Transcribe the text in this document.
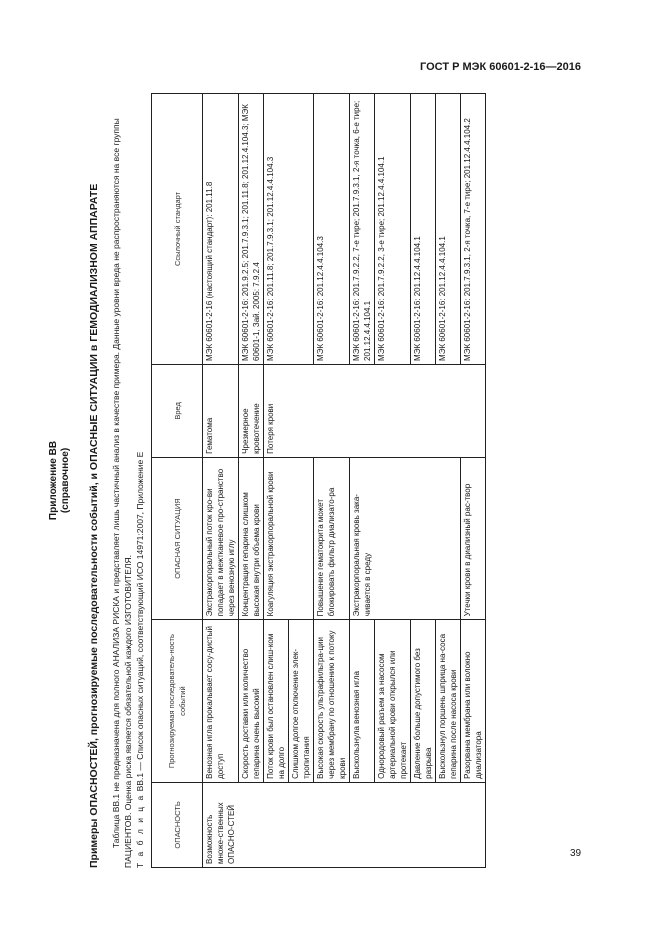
ГОСТ Р МЭК 60601-2-16—2016
Приложение ВВ (справочное) Примеры ОПАСНОСТЕЙ, прогнозируемые последовательности событий, и ОПАСНЫЕ СИТУАЦИИ в ГЕМОДИАЛИЗНОМ АППАРАТЕ Таблица ВВ.1 не предназначена для полного АНАЛИЗА РИСКА и представляет лишь частичный анализ в качестве примера. Данные уровни вреда не распространяются на все группы ПАЦИЕНТОВ. Оценка риска является обязательной каждого ИЗГОТОВИТЕЛЯ. Т а б л и ц а ВВ.1 — Список опасных ситуаций, соответствующий ИСО 14971:2007, Приложение Е
ОПАСНОСТЬ	Прогнозируемая последователь-ность событий	ОПАСНАЯ СИТУАЦИЯ	Вред	Ссылочный стандарт
Возможность множе-ственных ОПАСНО-СТЕЙ	Венозная игла прокалывает сосу-дистый доступ	Экстракорпоральный поток кро-ви попадает в межтканевое про-странство через венозную иглу	Гематома	МЭК 60601-2-16 (настоящий стандарт): 201.11.8
	Скорость доставки или количество гепарина очень высокий	Концентрация гепарина слишком высокая внутри объема крови	Чрезмерное кровотечение	МЭК 60601-2-16: 201.9.2.5; 201.7.9.3.1; 201.11.8; 201.12.4.104.3; МЭК 60601-1, Зай. 2005: 7.9.2.4
	Поток крови был остановлен слиш-ком на долго	Коагуляция экстракорпоральной крови	Потеря крови	МЭК 60601-2-16: 201.11.8; 201.7.9.3.1; 201.12.4.4.104.3
	Слишком долгое отключение элек-тропитания			
	Высокая скорость ультрафильтра-ции через мембрану по отношению к потоку крови	Повышение гематокрита может блокировать фильтр диализато-ра		МЭК 60601-2-16: 201.12.4.4.104.3
	Выскользнула венозная игла	Экстракорпоральная кровь зака-чивается в среду		МЭК 60601-2-16: 201.7.9.2.2, 7-е тире; 201.7.9.3.1, 2-я точка, 6-е тире; 201.12.4.4.104.1
	Однородовый разъем за насосом артериальной крови открылся или протекает			МЭК 60601-2-16: 201.7.9.2.2, 3-е тире; 201.12.4.4.104.1
	Давление больше допустимого без разрыва			МЭК 60601-2-16: 201.12.4.4.104.1
	Выскользнул поршень шприца на-соса гепарина после насоса крови			МЭК 60601-2-16: 201.12.4.4.104.1
	Разорвана мембрана или волокно диализатора	Утечки крови в диализный рас-твор		МЭК 60601-2-16: 201.7.9.3.1, 2-я точка, 7-е тире; 201.12.4.4.104.2
39
